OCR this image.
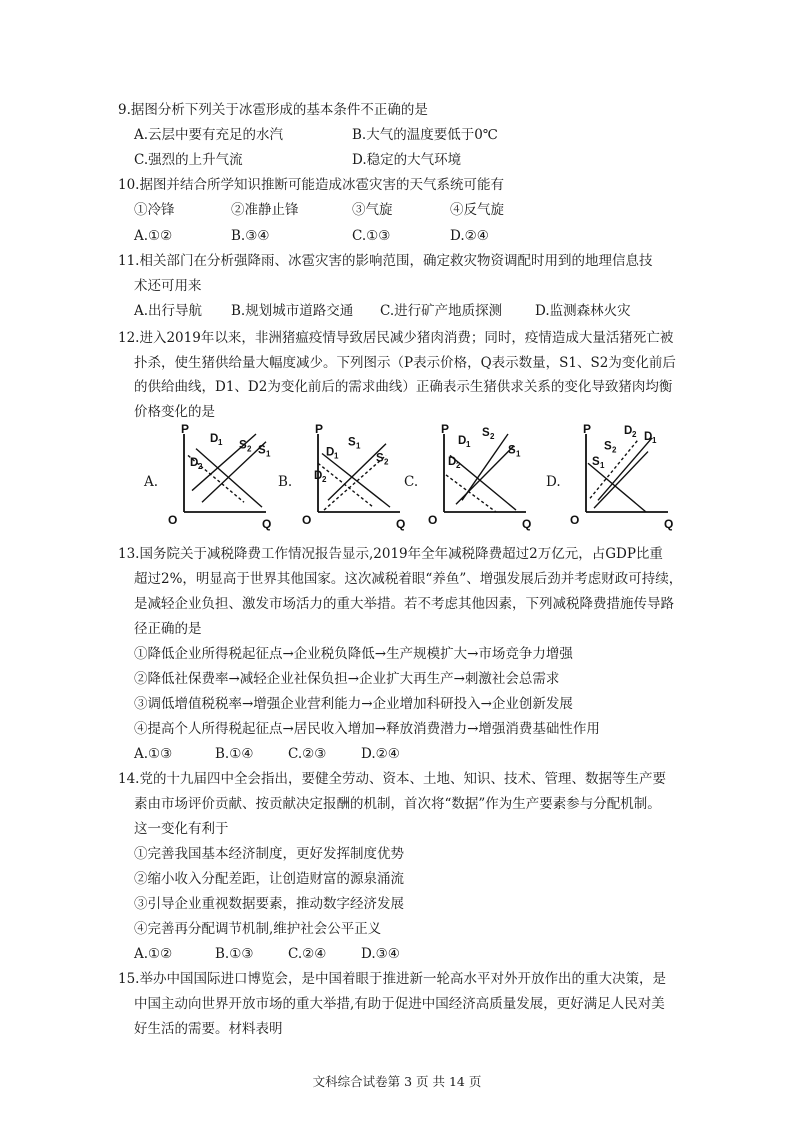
9.据图分析下列关于冰雹形成的基本条件不正确的是
A.云层中要有充足的水汽	B.大气的温度要低于0℃
C.强烈的上升气流	D.稳定的大气环境
10.据图并结合所学知识推断可能造成冰雹灾害的天气系统可能有
①冷锋	②准静止锋	③气旋	④反气旋
A.①②	B.③④	C.①③	D.②④
11.相关部门在分析强降雨、冰雹灾害的影响范围，确定救灾物资调配时用到的地理信息技
术还可用来
A.出行导航 B.规划城市道路交通 C.进行矿产地质探测 D.监测森林火灾
12.进入2019年以来，非洲猪瘟疫情导致居民减少猪肉消费；同时，疫情造成大量活猪死亡被
扑杀，使生猪供给量大幅度减少。下列图示（P表示价格，Q表示数量，S1、S2为变化前后
的供给曲线，D1、D2为变化前后的需求曲线）正确表示生猪供求关系的变化导致猪肉均衡
价格变化的是
A.
P
Q
O
D 1
D 2
S 2 S 1
B.
P
Q
O
D 1
D 2
S 1
S 2
C.
P
Q
O
D 1
D 2
S 2
S 1
D.
P
Q
O
D 2 D 1
S 2
S 1
13.国务院关于减税降费工作情况报告显示,2019年全年减税降费超过2万亿元，占GDP比重
超过2%，明显高于世界其他国家。这次减税着眼“养鱼”、增强发展后劲并考虑财政可持续，
是减轻企业负担、激发市场活力的重大举措。若不考虑其他因素，下列减税降费措施传导路
径正确的是
①降低企业所得税起征点→企业税负降低→生产规模扩大→市场竞争力增强
②降低社保费率→减轻企业社保负担→企业扩大再生产→刺激社会总需求
③调低增值税税率→增强企业营利能力→企业增加科研投入→企业创新发展
④提高个人所得税起征点→居民收入增加→释放消费潜力→增强消费基础性作用
A.①③	B.①④	C.②③	D.②④
14.党的十九届四中全会指出，要健全劳动、资本、土地、知识、技术、管理、数据等生产要
素由市场评价贡献、按贡献决定报酬的机制，首次将“数据”作为生产要素参与分配机制。
这一变化有利于
①完善我国基本经济制度，更好发挥制度优势
②缩小收入分配差距，让创造财富的源泉涌流
③引导企业重视数据要素，推动数字经济发展
④完善再分配调节机制,维护社会公平正义
A.①②	B.①③	C.②④	D.③④
15.举办中国国际进口博览会，是中国着眼于推进新一轮高水平对外开放作出的重大决策，是
中国主动向世界开放市场的重大举措,有助于促进中国经济高质量发展，更好满足人民对美
好生活的需要。材料表明
文科综合试卷第 3 页 共 14 页
